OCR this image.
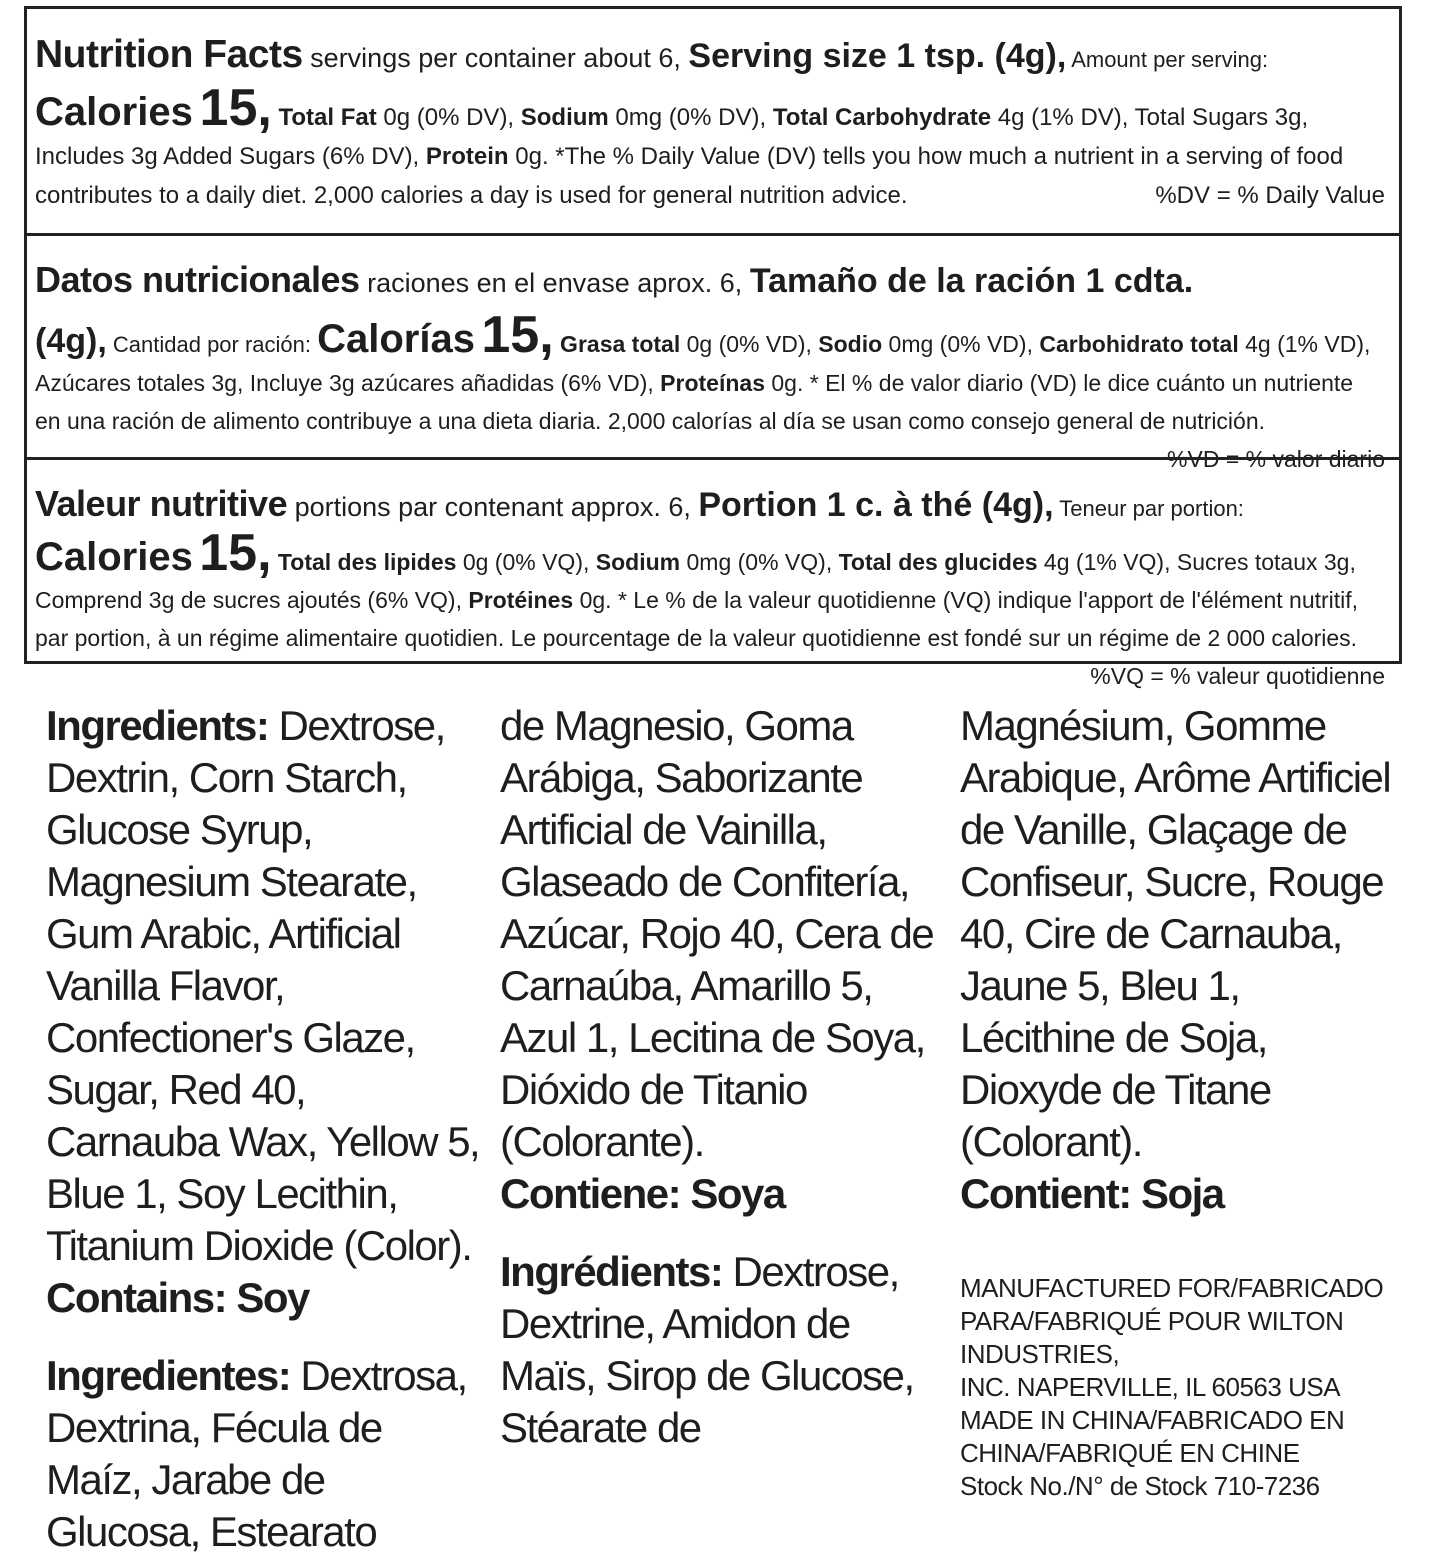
Nutrition Facts servings per container about 6, Serving size 1 tsp. (4g), Amount per serving:
Calories 15, Total Fat 0g (0% DV), Sodium 0mg (0% DV), Total Carbohydrate 4g (1% DV), Total Sugars 3g, Includes 3g Added Sugars (6% DV), Protein 0g. *The % Daily Value (DV) tells you how much a nutrient in a serving of food contributes to a daily diet. 2,000 calories a day is used for general nutrition advice.	%DV = % Daily Value
Datos nutricionales raciones en el envase aprox. 6, Tamaño de la ración 1 cdta.
(4g), Cantidad por ración: Calorías 15, Grasa total 0g (0% VD), Sodio 0mg (0% VD), Carbohidrato total 4g (1% VD), Azúcares totales 3g, Incluye 3g azúcares añadidas (6% VD), Proteínas 0g. * El % de valor diario (VD) le dice cuánto un nutriente en una ración de alimento contribuye a una dieta diaria. 2,000 calorías al día se usan como consejo general de nutrición.
%VD = % valor diario
Valeur nutritive portions par contenant approx. 6, Portion 1 c. à thé (4g), Teneur par portion:
Calories 15, Total des lipides 0g (0% VQ), Sodium 0mg (0% VQ), Total des glucides 4g (1% VQ), Sucres totaux 3g, Comprend 3g de sucres ajoutés (6% VQ), Protéines 0g. * Le % de la valeur quotidienne (VQ) indique l'apport de l'élément nutritif, par portion, à un régime alimentaire quotidien. Le pourcentage de la valeur quotidienne est fondé sur un régime de 2 000 calories.
%VQ = % valeur quotidienne

Ingredients: Dextrose, Dextrin, Corn Starch, Glucose Syrup, Magnesium Stearate, Gum Arabic, Artificial Vanilla Flavor, Confectioner's Glaze, Sugar, Red 40, Carnauba Wax, Yellow 5, Blue 1, Soy Lecithin, Titanium Dioxide (Color).

Contains: Soy

Ingredientes: Dextrosa, Dextrina, Fécula de Maíz, Jarabe de Glucosa, Estearato

de Magnesio, Goma Arábiga, Saborizante Artificial de Vainilla, Glaseado de Confitería, Azúcar, Rojo 40, Cera de Carnaúba, Amarillo 5, Azul 1, Lecitina de Soya, Dióxido de Titanio (Colorante).

Contiene: Soya

Ingrédients: Dextrose, Dextrine, Amidon de Maïs, Sirop de Glucose, Stéarate de

Magnésium, Gomme Arabique, Arôme Artificiel de Vanille, Glaçage de Confiseur, Sucre, Rouge 40, Cire de Carnauba, Jaune 5, Bleu 1, Lécithine de Soja, Dioxyde de Titane (Colorant).

Contient: Soja

MANUFACTURED FOR/FABRICADO
PARA/FABRIQUÉ POUR WILTON INDUSTRIES,
INC. NAPERVILLE, IL 60563 USA
MADE IN CHINA/FABRICADO EN
CHINA/FABRIQUÉ EN CHINE
Stock No./N° de Stock 710-7236
